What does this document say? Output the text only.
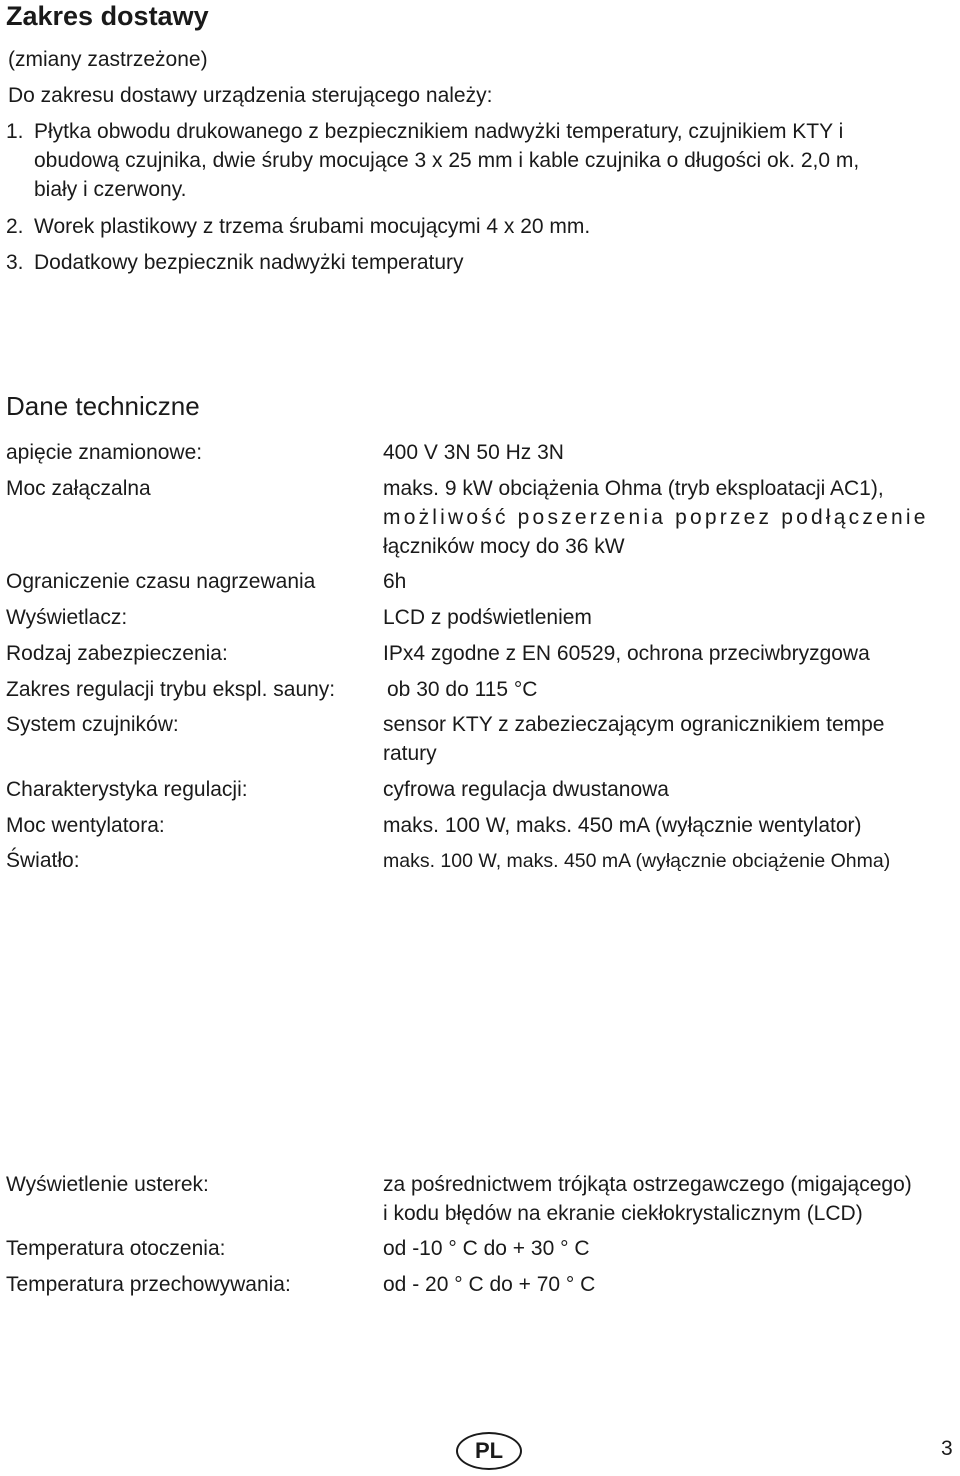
Zakres dostawy
(zmiany zastrzeżone)
Do zakresu dostawy urządzenia sterującego należy:
1. Płytka obwodu drukowanego z bezpiecznikiem nadwyżki temperatury, czujnikiem KTY i
obudową czujnika, dwie śruby mocujące 3 x 25 mm i kable czujnika o długości ok. 2,0 m,
biały i czerwony.
2. Worek plastikowy z trzema śrubami mocującymi 4 x 20 mm.
3. Dodatkowy bezpiecznik nadwyżki temperatury
Dane techniczne
apięcie znamionowe:	400 V 3N 50 Hz 3N
Moc załączalna	maks. 9 kW obciążenia Ohma (tryb eksploatacji AC1),
możliwość poszerzenia poprzez podłączenie
łączników mocy do 36 kW
Ograniczenie czasu nagrzewania	6h
Wyświetlacz:	LCD z podświetleniem
Rodzaj zabezpieczenia:	IPx4 zgodne z EN 60529, ochrona przeciwbryzgowa
Zakres regulacji trybu ekspl. sauny: ob 30 do 115 °C
System czujników:	sensor KTY z zabezieczającym ogranicznikiem tempe
ratury
Charakterystyka regulacji:	cyfrowa regulacja dwustanowa
Moc wentylatora:	maks. 100 W, maks. 450 mA (wyłącznie wentylator)
Światło:	maks. 100 W, maks. 450 mA (wyłącznie obciążenie Ohma)
Wyświetlenie usterek:	za pośrednictwem trójkąta ostrzegawczego (migającego)
i kodu błędów na ekranie ciekłokrystalicznym (LCD)
Temperatura otoczenia:	od -10 ° C do + 30 ° C
Temperatura przechowywania:	od - 20 ° C do + 70 ° C
PL	3
